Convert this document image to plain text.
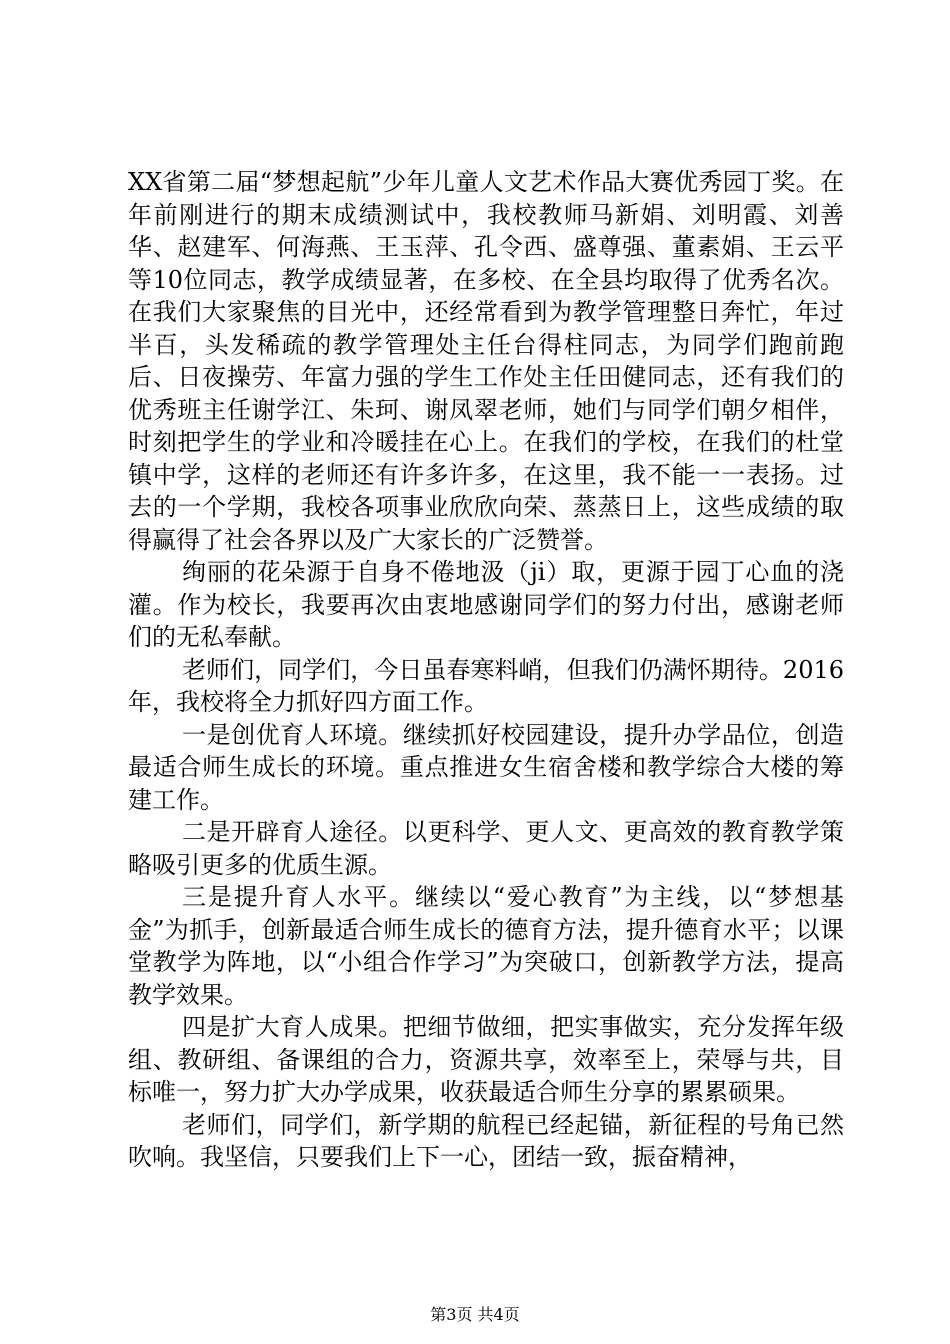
XX省第二届“梦想起航”少年儿童人文艺术作品大赛优秀园丁奖。在年前刚进行的期末成绩测试中，我校教师马新娟、刘明霞、刘善华、赵建军、何海燕、王玉萍、孔令西、盛尊强、董素娟、王云平等10位同志，教学成绩显著，在多校、在全县均取得了优秀名次。在我们大家聚焦的目光中，还经常看到为教学管理整日奔忙，年过半百，头发稀疏的教学管理处主任台得柱同志，为同学们跑前跑后、日夜操劳、年富力强的学生工作处主任田健同志，还有我们的优秀班主任谢学江、朱珂、谢凤翠老师，她们与同学们朝夕相伴，时刻把学生的学业和冷暖挂在心上。在我们的学校，在我们的杜堂镇中学，这样的老师还有许多许多，在这里，我不能一一表扬。过去的一个学期，我校各项事业欣欣向荣、蒸蒸日上，这些成绩的取得赢得了社会各界以及广大家长的广泛赞誉。

绚丽的花朵源于自身不倦地汲（ji）取，更源于园丁心血的浇灌。作为校长，我要再次由衷地感谢同学们的努力付出，感谢老师们的无私奉献。

老师们，同学们，今日虽春寒料峭，但我们仍满怀期待。2016年，我校将全力抓好四方面工作。

一是创优育人环境。继续抓好校园建设，提升办学品位，创造最适合师生成长的环境。重点推进女生宿舍楼和教学综合大楼的筹建工作。

二是开辟育人途径。以更科学、更人文、更高效的教育教学策略吸引更多的优质生源。

三是提升育人水平。继续以“爱心教育”为主线，以“梦想基金”为抓手，创新最适合师生成长的德育方法，提升德育水平；以课堂教学为阵地，以“小组合作学习”为突破口，创新教学方法，提高教学效果。

四是扩大育人成果。把细节做细，把实事做实，充分发挥年级组、教研组、备课组的合力，资源共享，效率至上，荣辱与共，目标唯一，努力扩大办学成果，收获最适合师生分享的累累硕果。

老师们，同学们，新学期的航程已经起锚，新征程的号角已然吹响。我坚信，只要我们上下一心，团结一致，振奋精神，

第3页 共4页
